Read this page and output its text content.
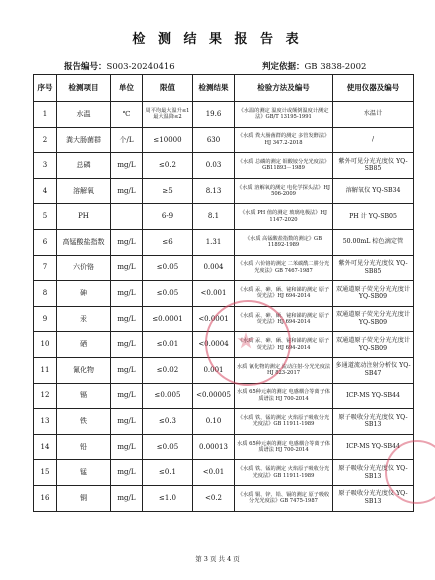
检 测 结 果 报 告 表
报告编号：S003-20240416	判定依据：GB 3838-2002
序号	检测项目	单位	限值	检测结果	检验方法及编号	使用仪器及编号
1	水温	℃	周平均最大温升≤1 最大温降≤2	19.6	《水温的测定 温度计或颠倒温度计测定法》GB/T 13195-1991	水温计
2	粪大肠菌群	个/L	≤10000	630	《水质 粪大肠菌群的测定 多管发酵法》HJ 347.2-2018	/
3	总磷	mg/L	≤0.2	0.03	《水质 总磷的测定 钼酸铵分光光度法》GB11893－1989	紫外可见分光光度仪 YQ-SB85
4	溶解氧	mg/L	≥5	8.13	《水质 溶解氧的测定 电化学探头法》HJ 506-2009	溶解氧仪 YQ-SB34
5	PH		6-9	8.1	《水质 PH 值的测定 玻璃电极法》HJ 1147-2020	PH 计 YQ-SB05
6	高锰酸盐指数	mg/L	≤6	1.31	《水质 高锰酸盐指数的测定》GB 11892-1989	50.00mL 棕色滴定管
7	六价铬	mg/L	≤0.05	0.004	《水质 六价铬的测定 二苯碳酰二肼分光光度法》GB 7467-1987	紫外可见分光光度仪 YQ-SB85
8	砷	mg/L	≤0.05	<0.001	《水质 汞、砷、硒、铋和锑的测定 原子荧光法》HJ 694-2014	双通道原子荧光分光光度计 YQ-SB09
9	汞	mg/L	≤0.0001	<0.0001	《水质 汞、砷、硒、铋和锑的测定 原子荧光法》HJ 694-2014	双通道原子荧光分光光度计 YQ-SB09
10	硒	mg/L	≤0.01	<0.0004	《水质 汞、砷、硒、铋和锑的测定 原子荧光法》HJ 694-2014	双通道原子荧光分光光度计 YQ-SB09
11	氰化物	mg/L	≤0.02	0.001	水质 氰化物的测定 流动注射-分光光度法 HJ 823-2017	多通道流动注射分析仪 YQ-SB47
12	镉	mg/L	≤0.005	<0.00005	水质 65种元素的测定 电感耦合等离子体质谱法 HJ 700-2014	ICP-MS YQ-SB44
13	铁	mg/L	≤0.3	0.10	《水质 铁、锰的测定 火焰原子吸收分光光度法》GB 11911-1989	原子吸收分光光度仪 YQ-SB13
14	铅	mg/L	≤0.05	0.00013	水质 65种元素的测定 电感耦合等离子体质谱法 HJ 700-2014	ICP-MS YQ-SB44
15	锰	mg/L	≤0.1	<0.01	《水质 铁、锰的测定 火焰原子吸收分光光度法》GB 11911-1989	原子吸收分光光度仪 YQ-SB13
16	铜	mg/L	≤1.0	<0.2	《水质 铜、锌、铅、镉的测定 原子吸收分光光度法》GB 7475-1987	原子吸收分光光度仪 YQ-SB13
第 3 页 共 4 页
